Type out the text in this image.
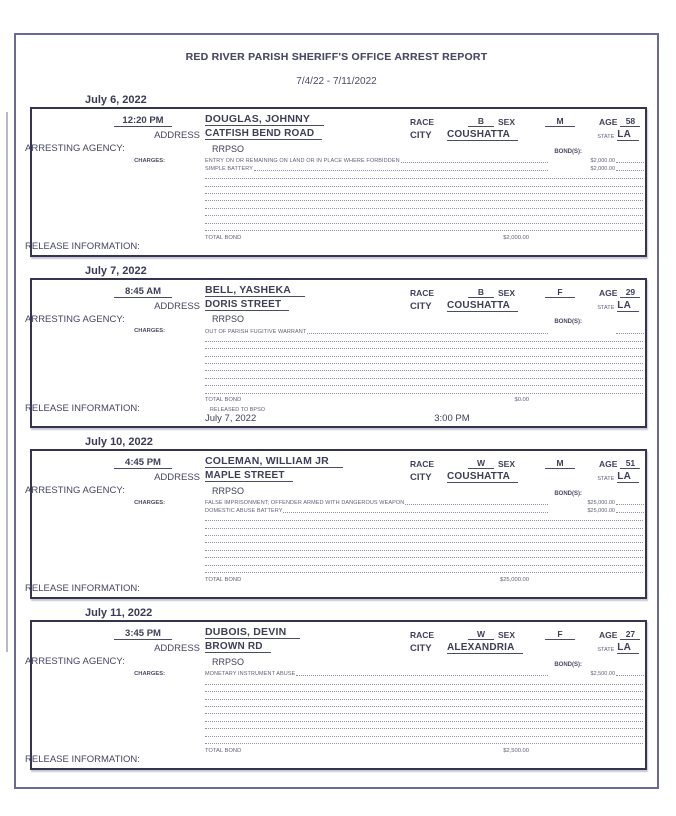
RED RIVER PARISH SHERIFF'S OFFICE ARREST REPORT
7/4/22 - 7/11/2022
July 6, 2022
12:20 PM	DOUGLAS, JOHNNY	RACE	B	SEX	M	AGE 58
ADDRESS CATFISH BEND ROAD	CITY	COUSHATTA	STATE LA
ARRESTING AGENCY:	RRPSO	BOND(S):
CHARGES:	ENTRY ON OR REMAINING ON LAND OR IN PLACE WHERE FORBIDDEN	$2,000.00
SIMPLE BATTERY	$2,000.00
TOTAL BOND	$2,000.00
RELEASE INFORMATION:
July 7, 2022
8:45 AM	BELL, YASHEKA	RACE	B	SEX	F	AGE 29
ADDRESS DORIS STREET	CITY	COUSHATTA	STATE LA
ARRESTING AGENCY:	RRPSO	BOND(S):
CHARGES:	OUT OF PARISH FUGITIVE WARRANT
TOTAL BOND	$0.00
RELEASE INFORMATION:	RELEASED TO BPSO
July 7, 2022	3:00 PM
July 10, 2022
4:45 PM	COLEMAN, WILLIAM JR	RACE	W	SEX	M	AGE 51
ADDRESS MAPLE STREET	CITY	COUSHATTA	STATE LA
ARRESTING AGENCY:	RRPSO	BOND(S):
CHARGES:	FALSE IMPRISONMENT; OFFENDER ARMED WITH DANGEROUS WEAPON	$25,000.00
DOMESTIC ABUSE BATTERY	$25,000.00
TOTAL BOND	$25,000.00
RELEASE INFORMATION:
July 11, 2022
3:45 PM	DUBOIS, DEVIN	RACE	W	SEX	F	AGE 27
ADDRESS BROWN RD	CITY	ALEXANDRIA	STATE LA
ARRESTING AGENCY:	RRPSO	BOND(S):
CHARGES:	MONETARY INSTRUMENT ABUSE	$2,500.00
TOTAL BOND	$2,500.00
RELEASE INFORMATION:
